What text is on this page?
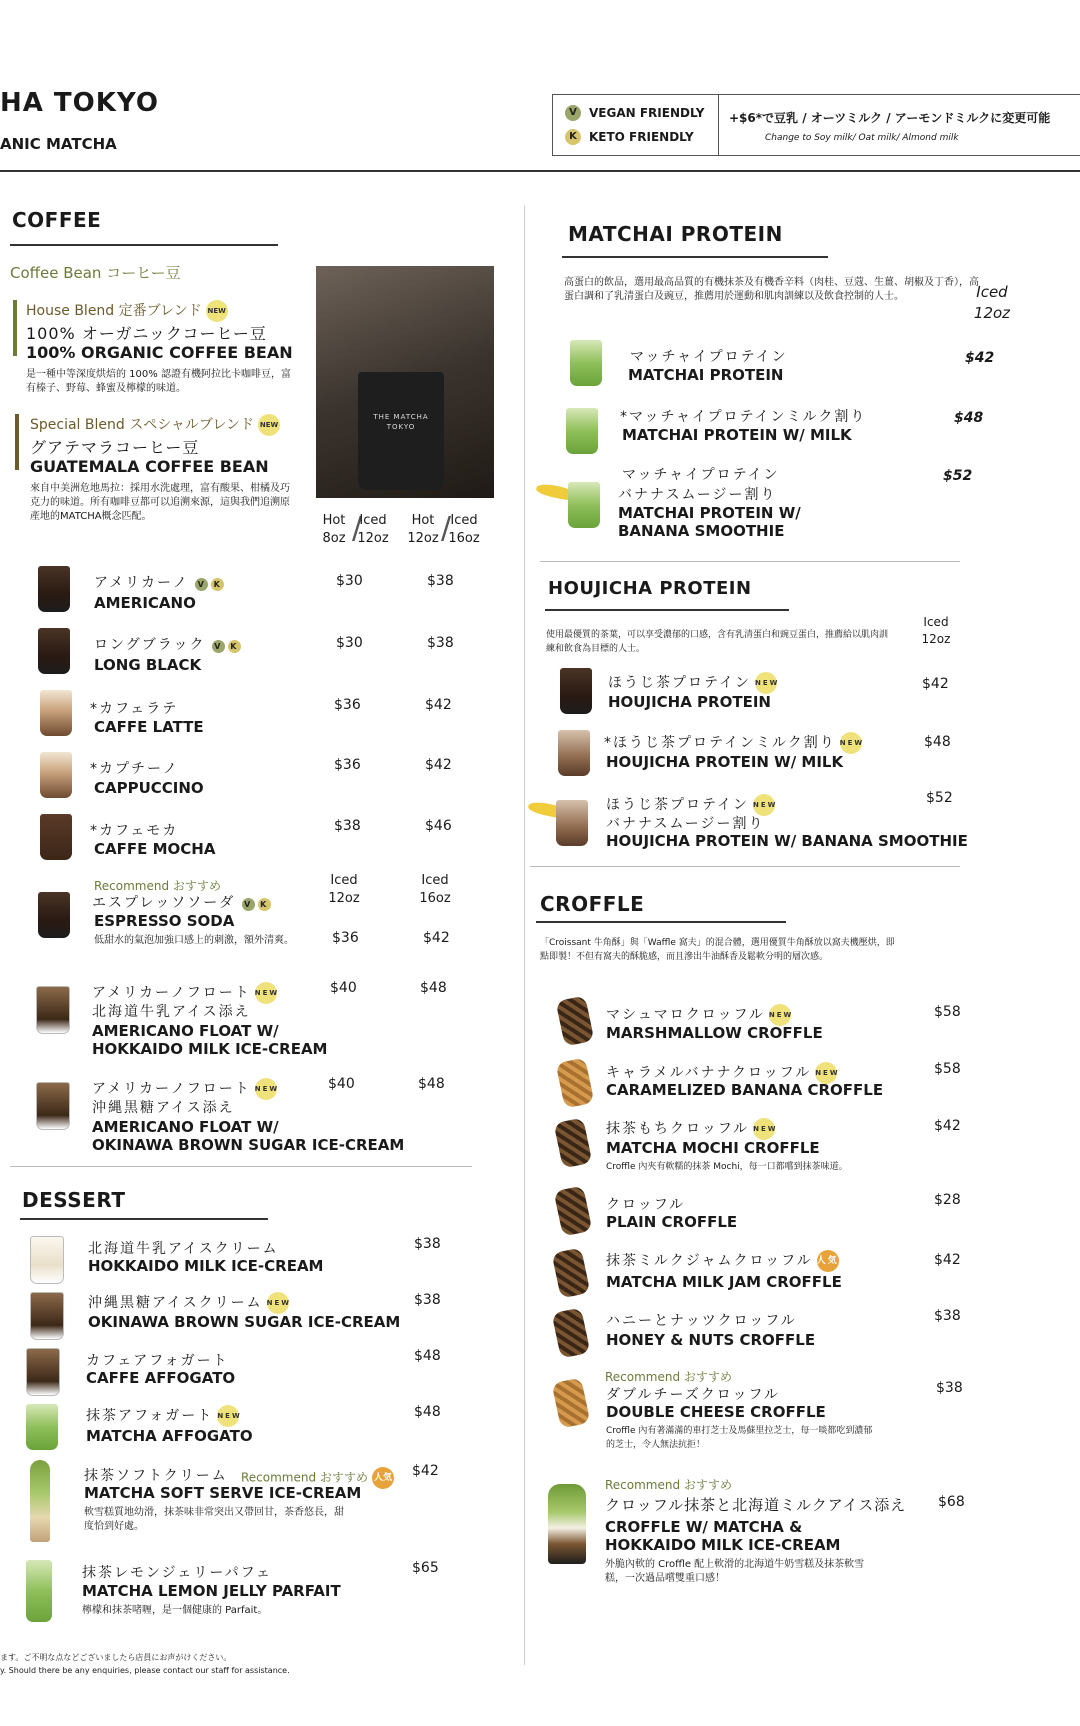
HA TOKYO
ANIC MATCHA
V	VEGAN FRIENDLY
K	KETO FRIENDLY
+$6*で豆乳 / オーツミルク / アーモンドミルクに変更可能
Change to Soy milk/ Oat milk/ Almond milk
COFFEE
Coffee Bean コーヒー豆
House Blend 定番ブレンド NEW
100% オーガニックコーヒー豆
100% ORGANIC COFFEE BEAN
是一種中等深度烘焙的 100% 認證有機阿拉比卡咖啡豆，富有榛子、野莓、蜂蜜及檸檬的味道。
Special Blend スペシャルブレンド NEW
グアテマラコーヒー豆
GUATEMALA COFFEE BEAN
來自中美洲危地馬拉：採用水洗處理，富有酸果、柑橘及巧克力的味道。所有咖啡豆都可以追溯來源，這與我們追溯原產地的MATCHA概念匹配。
THE MATCHA TOKYO
Hot
8oz /
Iced
12oz
Hot
12oz / Iced
16oz
アメリカーノ V K
AMERICANO
$30	$38
ロングブラック V K
LONG BLACK
$30	$38
*カフェラテ
CAFFE LATTE
$36	$42
*カプチーノ
CAPPUCCINO
$36	$42
*カフェモカ
CAFFE MOCHA
$38	$46
Recommend おすすめ
エスプレッソソーダ V K
ESPRESSO SODA
低甜水的氣泡加強口感上的刺激，額外清爽。
Iced
12oz
Iced
16oz
$36	$42
アメリカーノフロート NEW
北海道牛乳アイス添え
AMERICANO FLOAT W/
HOKKAIDO MILK ICE-CREAM
$40	$48
アメリカーノフロート NEW
沖縄黒糖アイス添え
AMERICANO FLOAT W/
OKINAWA BROWN SUGAR ICE-CREAM
$40	$48
DESSERT
北海道牛乳アイスクリーム
HOKKAIDO MILK ICE-CREAM
$38
沖縄黒糖アイスクリーム NEW
OKINAWA BROWN SUGAR ICE-CREAM
$38
カフェアフォガート
CAFFE AFFOGATO
$48
抹茶アフォガート NEW
MATCHA AFFOGATO
$48
抹茶ソフトクリーム Recommend おすすめ 人気
MATCHA SOFT SERVE ICE-CREAM
軟雪糕質地幼滑，抹茶味非常突出又帶回甘，茶香悠長，甜度恰到好處。
$42
抹茶レモンジェリーパフェ
MATCHA LEMON JELLY PARFAIT
檸檬和抹茶啫喱，是一個健康的 Parfait。
$65
ます。ご不明な点などございましたら店員にお声がけください。
y. Should there be any enquiries, please contact our staff for assistance.
MATCHAI PROTEIN
高蛋白的飲品，選用最高品質的有機抹茶及有機香辛料（肉桂、豆蔻、生薑、胡椒及丁香），高蛋白調和了乳清蛋白及豌豆，推薦用於運動和肌肉訓練以及飲食控制的人士。	Iced
12oz
マッチャイプロテイン
MATCHAI PROTEIN
$42
*マッチャイプロテインミルク割り
MATCHAI PROTEIN W/ MILK
$48
マッチャイプロテイン
バナナスムージー割り
MATCHAI PROTEIN W/
BANANA SMOOTHIE
$52
HOUJICHA PROTEIN
使用最優質的茶葉，可以享受濃郁的口感，含有乳清蛋白和豌豆蛋白，推薦給以肌肉訓練和飲食為目標的人士。
Iced
12oz
ほうじ茶プロテイン NEW
HOUJICHA PROTEIN
$42
*ほうじ茶プロテインミルク割り NEW
HOUJICHA PROTEIN W/ MILK
$48
ほうじ茶プロテイン NEW
バナナスムージー割り
HOUJICHA PROTEIN W/ BANANA SMOOTHIE
$52
CROFFLE
「Croissant 牛角酥」與「Waffle 窩夫」的混合體，選用優質牛角酥放以窩夫機壓烘，即點即製！不但有窩夫的酥脆感，而且滲出牛油酥香及鬆軟分明的層次感。
マシュマロクロッフル NEW
MARSHMALLOW CROFFLE
$58
キャラメルバナナクロッフル NEW
CARAMELIZED BANANA CROFFLE
$58
抹茶もちクロッフル NEW
MATCHA MOCHI CROFFLE
Croffle 內夾有軟糯的抹茶 Mochi，每一口都嚐到抹茶味道。
$42
クロッフル
PLAIN CROFFLE
$28
抹茶ミルクジャムクロッフル 人気
MATCHA MILK JAM CROFFLE
$42
ハニーとナッツクロッフル
HONEY & NUTS CROFFLE
$38
Recommend おすすめ
ダブルチーズクロッフル
DOUBLE CHEESE CROFFLE
Croffle 內有著滿滿的車打芝士及馬蘇里拉芝士，每一啖都吃到濃郁的芝士，令人無法抗拒！
$38
Recommend おすすめ
クロッフル抹茶と北海道ミルクアイス添え
CROFFLE W/ MATCHA &
HOKKAIDO MILK ICE-CREAM
外脆內軟的 Croffle 配上軟滑的北海道牛奶雪糕及抹茶軟雪糕，一次過品嚐雙重口感！
$68
